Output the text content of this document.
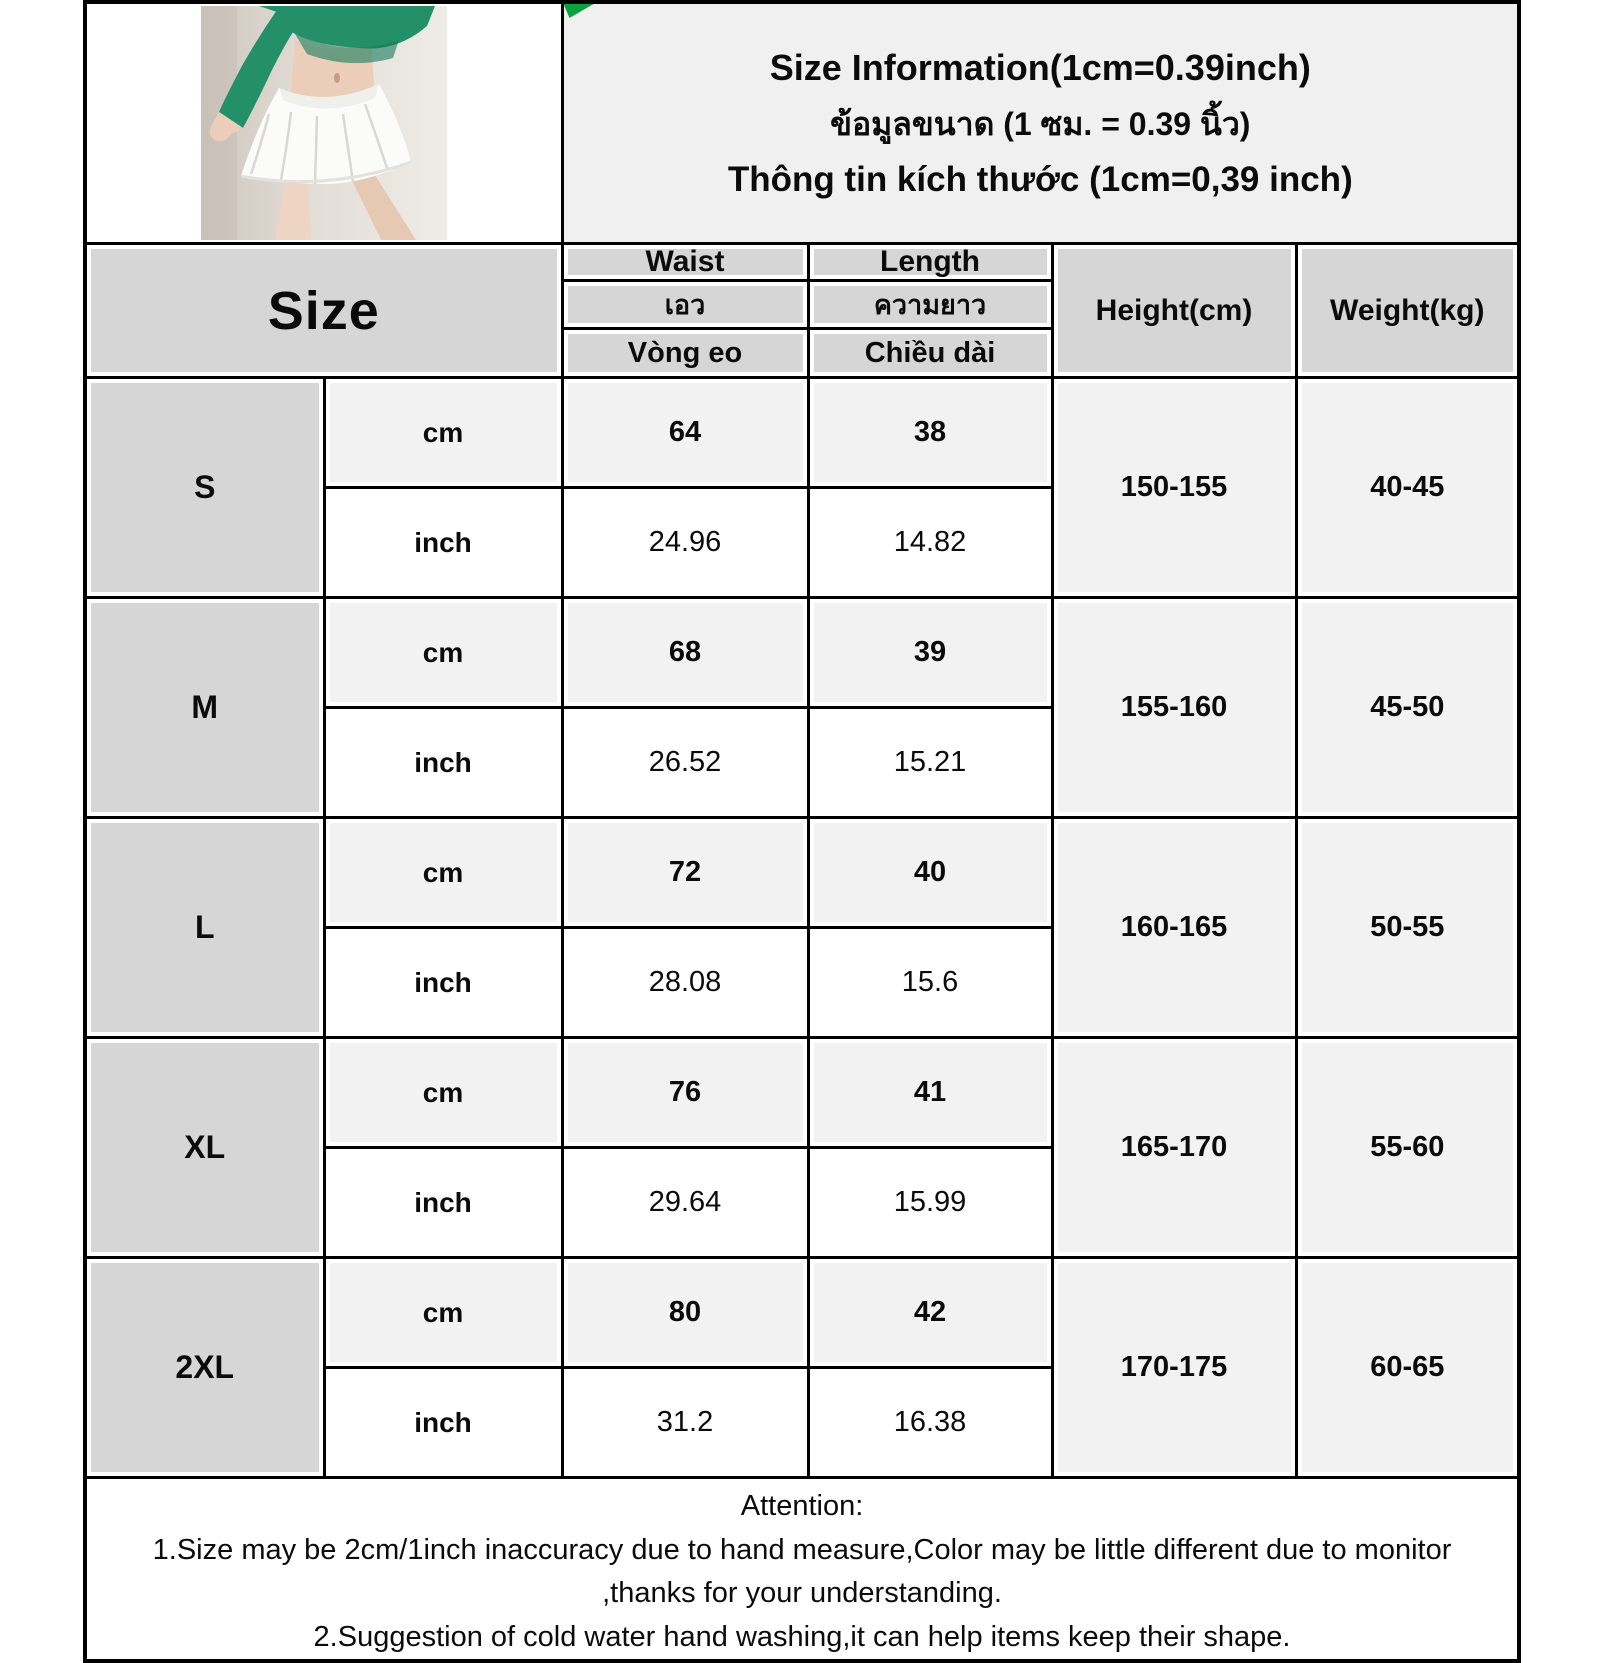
Size Information(1cm=0.39inch)
ข้อมูลขนาด (1 ซม. = 0.39 นิ้ว)
Thông tin kích thước (1cm=0,39 inch)			

Size		Waist	Length	Height(cm)	Weight(kg)
		เอว	ความยาว		
		Vòng eo	Chiều dài		
S	cm	64	38	150-155	40-45
	inch	24.96	14.82		
M	cm	68	39	155-160	45-50
	inch	26.52	15.21		
L	cm	72	40	160-165	50-55
	inch	28.08	15.6		
XL	cm	76	41	165-170	55-60
	inch	29.64	15.99		
2XL	cm	80	42	170-175	60-65
	inch	31.2	16.38		

Attention:
1.Size may be 2cm/1inch inaccuracy due to hand measure,Color may be little different due to monitor ,thanks for your understanding.
2.Suggestion of cold water hand washing,it can help items keep their shape.					
